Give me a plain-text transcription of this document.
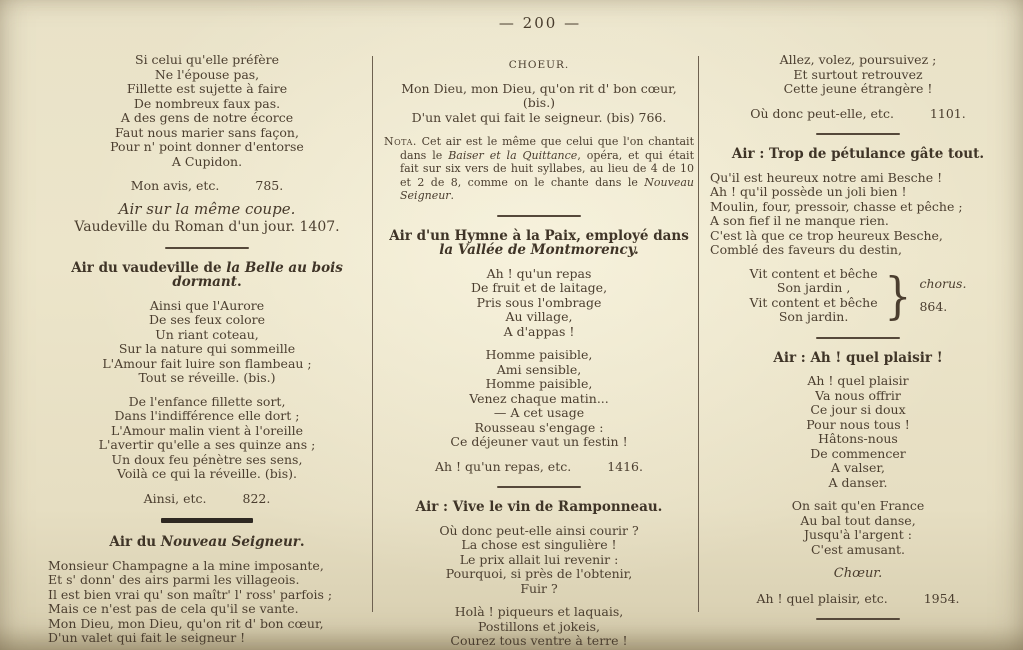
— 200 —
Si celui qu'elle préfère
Ne l'épouse pas,
Fillette est sujette à faire
De nombreux faux pas.
A des gens de notre écorce
Faut nous marier sans façon,
Pour n' point donner d'entorse
A Cupidon.
Mon avis, etc.	785.
Air sur la même coupe.
Vaudeville du Roman d'un jour. 1407.
Air du vaudeville de la Belle au bois dormant.
Ainsi que l'Aurore
De ses feux colore
Un riant coteau,
Sur la nature qui sommeille
L'Amour fait luire son flambeau ;
Tout se réveille. (bis.)
De l'enfance fillette sort,
Dans l'indifférence elle dort ;
L'Amour malin vient à l'oreille
L'avertir qu'elle a ses quinze ans ;
Un doux feu pénètre ses sens,
Voilà ce qui la réveille. (bis).
Ainsi, etc.	822.
Air du Nouveau Seigneur.
Monsieur Champagne a la mine imposante,
Et s' donn' des airs parmi les villageois.
Il est bien vrai qu' son maîtr' l' ross' parfois ;
Mais ce n'est pas de cela qu'il se vante.
Mon Dieu, mon Dieu, qu'on rit d' bon cœur,
D'un valet qui fait le seigneur !
CHOEUR.
Mon Dieu, mon Dieu, qu'on rit d' bon cœur, (bis.)
D'un valet qui fait le seigneur. (bis) 766.

Nota. Cet air est le même que celui que l'on chantait dans le Baiser et la Quittance, opéra, et qui était fait sur six vers de huit syllabes, au lieu de 4 de 10 et 2 de 8, comme on le chante dans le Nouveau Seigneur.

Air d'un Hymne à la Paix, employé dans
la Vallée de Montmorency.
Ah ! qu'un repas
De fruit et de laitage,
Pris sous l'ombrage
Au village,
A d'appas !
Homme paisible,
Ami sensible,
Homme paisible,
Venez chaque matin...
— A cet usage
Rousseau s'engage :
Ce déjeuner vaut un festin !
Ah ! qu'un repas, etc.	1416.
Air : Vive le vin de Ramponneau.
Où donc peut-elle ainsi courir ?
La chose est singulière !
Le prix allait lui revenir :
Pourquoi, si près de l'obtenir,
Fuir ?
Holà ! piqueurs et laquais,
Postillons et jokeis,
Courez tous ventre à terre !
Allez, volez, poursuivez ;
Et surtout retrouvez
Cette jeune étrangère !
Où donc peut-elle, etc.	1101.
Air : Trop de pétulance gâte tout.
Qu'il est heureux notre ami Besche !
Ah ! qu'il possède un joli bien !
Moulin, four, pressoir, chasse et pêche ;
A son fief il ne manque rien.
C'est là que ce trop heureux Besche,
Comblé des faveurs du destin,
Vit content et bêche
Son jardin ,
Vit content et bêche
Son jardin. } chorus.
864.
Air : Ah ! quel plaisir !
Ah ! quel plaisir
Va nous offrir
Ce jour si doux
Pour nous tous !
Hâtons-nous
De commencer
A valser,
A danser.
On sait qu'en France
Au bal tout danse,
Jusqu'à l'argent :
C'est amusant.
Chœur.
Ah ! quel plaisir, etc.	1954.
